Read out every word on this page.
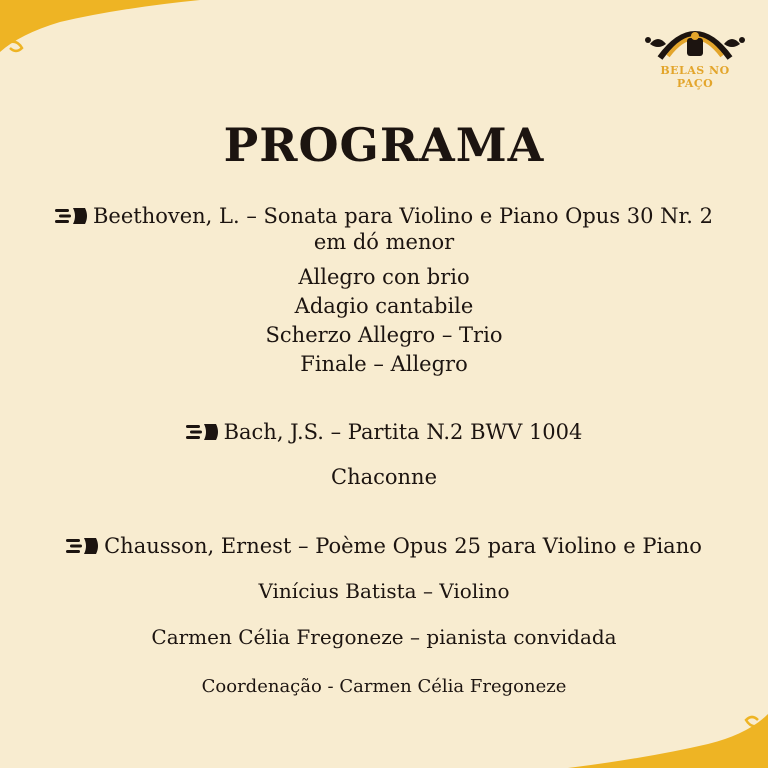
BELAS NO PAÇO
PROGRAMA
Beethoven, L. – Sonata para Violino e Piano Opus 30 Nr. 2
em dó menor
Allegro con brio
Adagio cantabile
Scherzo Allegro – Trio
Finale – Allegro
Bach, J.S. – Partita N.2 BWV 1004
Chaconne
Chausson, Ernest – Poème Opus 25 para Violino e Piano
Vinícius Batista – Violino
Carmen Célia Fregoneze – pianista convidada
Coordenação - Carmen Célia Fregoneze
